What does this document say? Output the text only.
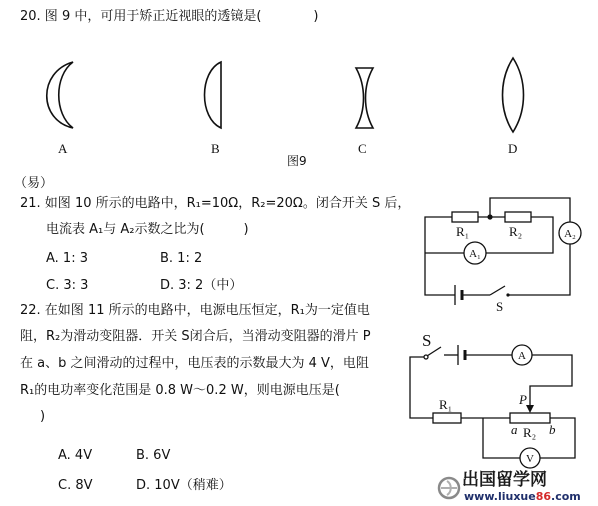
A	B	C	D
R₁	R₂
A₁
A₂
S
S
A
R₁	P
a R₂ b
V
20. 图 9 中，可用于矫正近视眼的透镜是(　　　　)
图9
（易）
21. 如图 10 所示的电路中，R₁=10Ω，R₂=20Ω。闭合开关 S 后，
电流表 A₁与 A₂示数之比为(　　　)
A. 1: 3	B. 1: 2
C. 3: 3	D. 3: 2（中）
22. 在如图 11 所示的电路中，电源电压恒定，R₁为一定值电
阻，R₂为滑动变阻器．开关 S闭合后，当滑动变阻器的滑片 P
在 a、b 之间滑动的过程中，电压表的示数最大为 4 V，电阻
R₁的电功率变化范围是 0.8 W～0.2 W，则电源电压是(
)
A. 4V	B. 6V
C. 8V	D. 10V（稍难）	出国留学网
www.liuxue86.com
